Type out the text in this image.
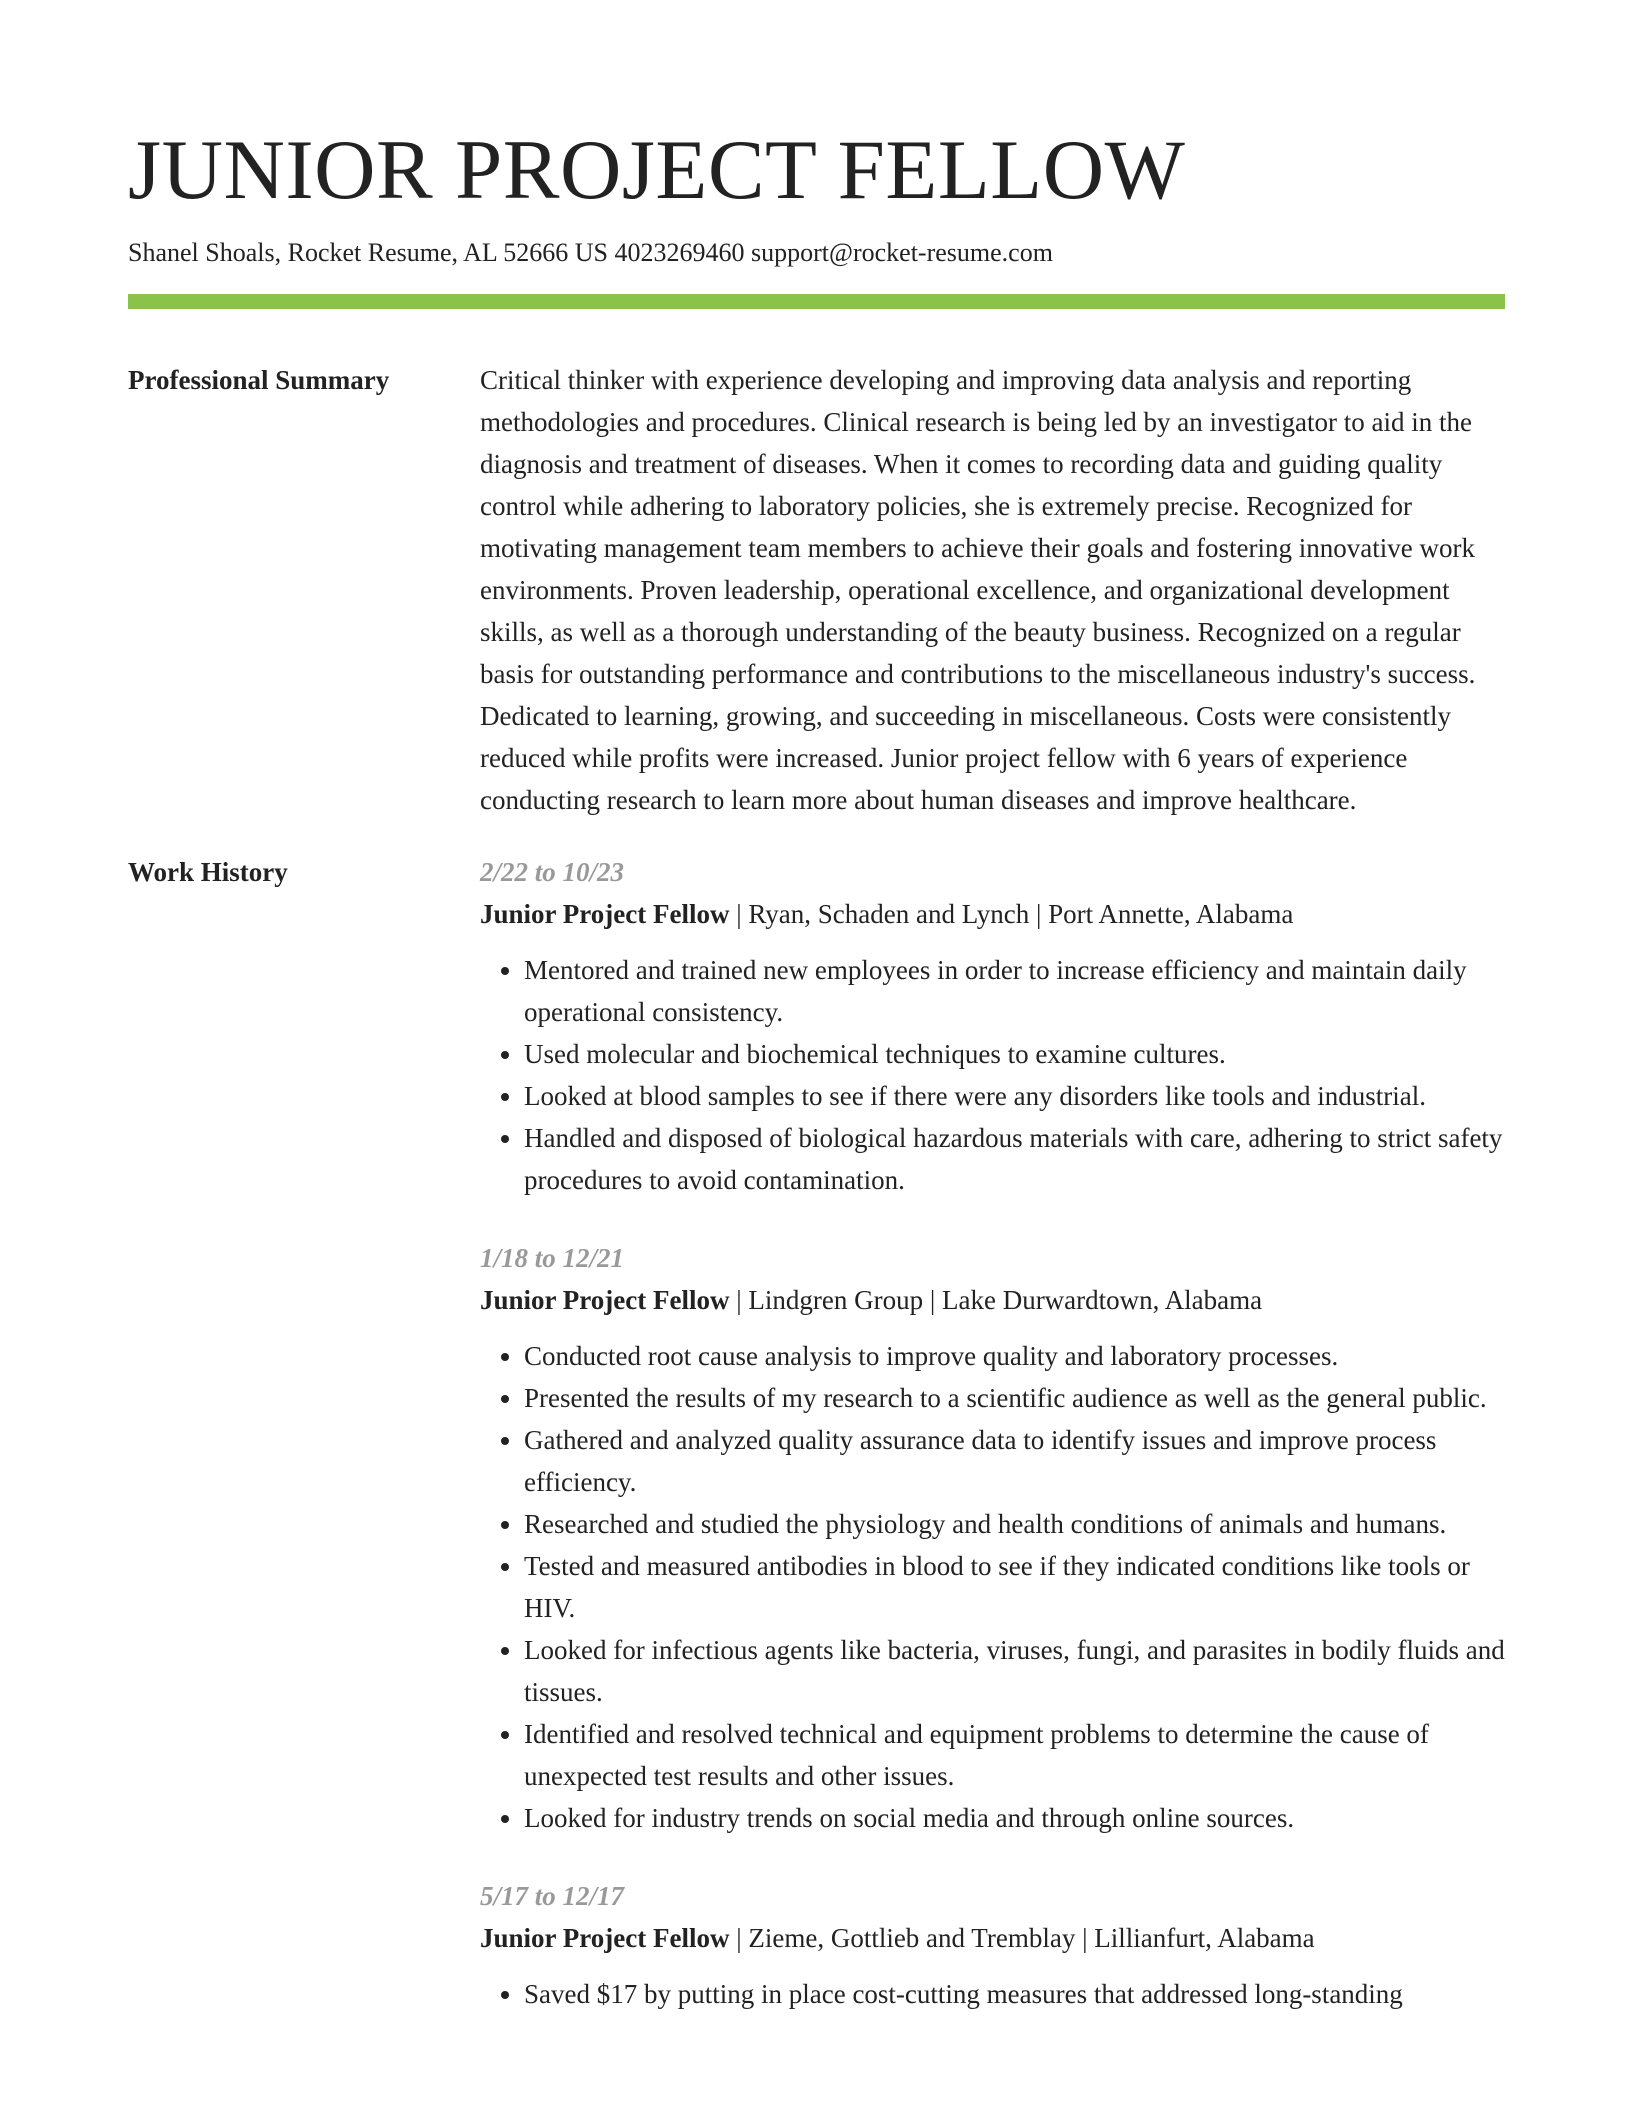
JUNIOR PROJECT FELLOW
Shanel Shoals, Rocket Resume, AL 52666 US 4023269460 support@rocket-resume.com
Professional Summary	Critical thinker with experience developing and improving data analysis and reporting methodologies and procedures. Clinical research is being led by an investigator to aid in the diagnosis and treatment of diseases. When it comes to recording data and guiding quality control while adhering to laboratory policies, she is extremely precise. Recognized for motivating management team members to achieve their goals and fostering innovative work environments. Proven leadership, operational excellence, and organizational development skills, as well as a thorough understanding of the beauty business. Recognized on a regular basis for outstanding performance and contributions to the miscellaneous industry's success. Dedicated to learning, growing, and succeeding in miscellaneous. Costs were consistently reduced while profits were increased. Junior project fellow with 6 years of experience conducting research to learn more about human diseases and improve healthcare.

Work History	2/22 to 10/23
Junior Project Fellow | Ryan, Schaden and Lynch | Port Annette, Alabama
• Mentored and trained new employees in order to increase efficiency and maintain daily operational consistency.
• Used molecular and biochemical techniques to examine cultures.
• Looked at blood samples to see if there were any disorders like tools and industrial.
• Handled and disposed of biological hazardous materials with care, adhering to strict safety procedures to avoid contamination.
1/18 to 12/21
Junior Project Fellow | Lindgren Group | Lake Durwardtown, Alabama
• Conducted root cause analysis to improve quality and laboratory processes.
• Presented the results of my research to a scientific audience as well as the general public.
• Gathered and analyzed quality assurance data to identify issues and improve process efficiency.
• Researched and studied the physiology and health conditions of animals and humans.
• Tested and measured antibodies in blood to see if they indicated conditions like tools or HIV.
• Looked for infectious agents like bacteria, viruses, fungi, and parasites in bodily fluids and tissues.
• Identified and resolved technical and equipment problems to determine the cause of unexpected test results and other issues.
• Looked for industry trends on social media and through online sources.
5/17 to 12/17
Junior Project Fellow | Zieme, Gottlieb and Tremblay | Lillianfurt, Alabama
• Saved $17 by putting in place cost-cutting measures that addressed long-standing
